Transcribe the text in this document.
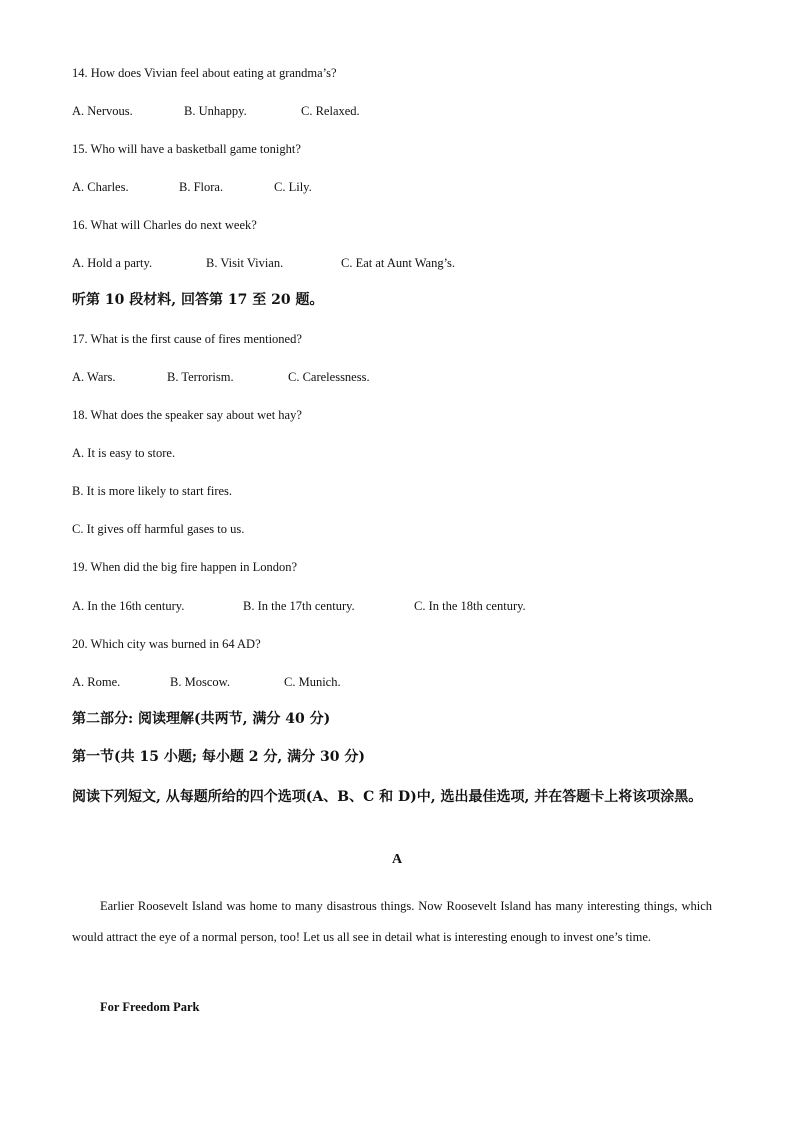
14. How does Vivian feel about eating at grandma’s?
A. Nervous.	B. Unhappy.	C. Relaxed.
15. Who will have a basketball game tonight?
A. Charles.	B. Flora.	C. Lily.
16. What will Charles do next week?
A. Hold a party.	B. Visit Vivian.	C. Eat at Aunt Wang’s.
听第 10 段材料, 回答第 17 至 20 题。
17. What is the first cause of fires mentioned?
A. Wars.	B. Terrorism.	C. Carelessness.
18. What does the speaker say about wet hay?
A. It is easy to store.
B. It is more likely to start fires.
C. It gives off harmful gases to us.
19. When did the big fire happen in London?
A. In the 16th century.	B. In the 17th century.	C. In the 18th century.
20. Which city was burned in 64 AD?
A. Rome.	B. Moscow.	C. Munich.
第二部分: 阅读理解(共两节, 满分 40 分)
第一节(共 15 小题; 每小题 2 分, 满分 30 分)
阅读下列短文, 从每题所给的四个选项(A、B、C 和 D)中, 选出最佳选项, 并在答题卡上将该项涂黑。
A
Earlier Roosevelt Island was home to many disastrous things. Now Roosevelt Island has many interesting things, which would attract the eye of a normal person, too! Let us all see in detail what is interesting enough to invest one’s time.
For Freedom Park
